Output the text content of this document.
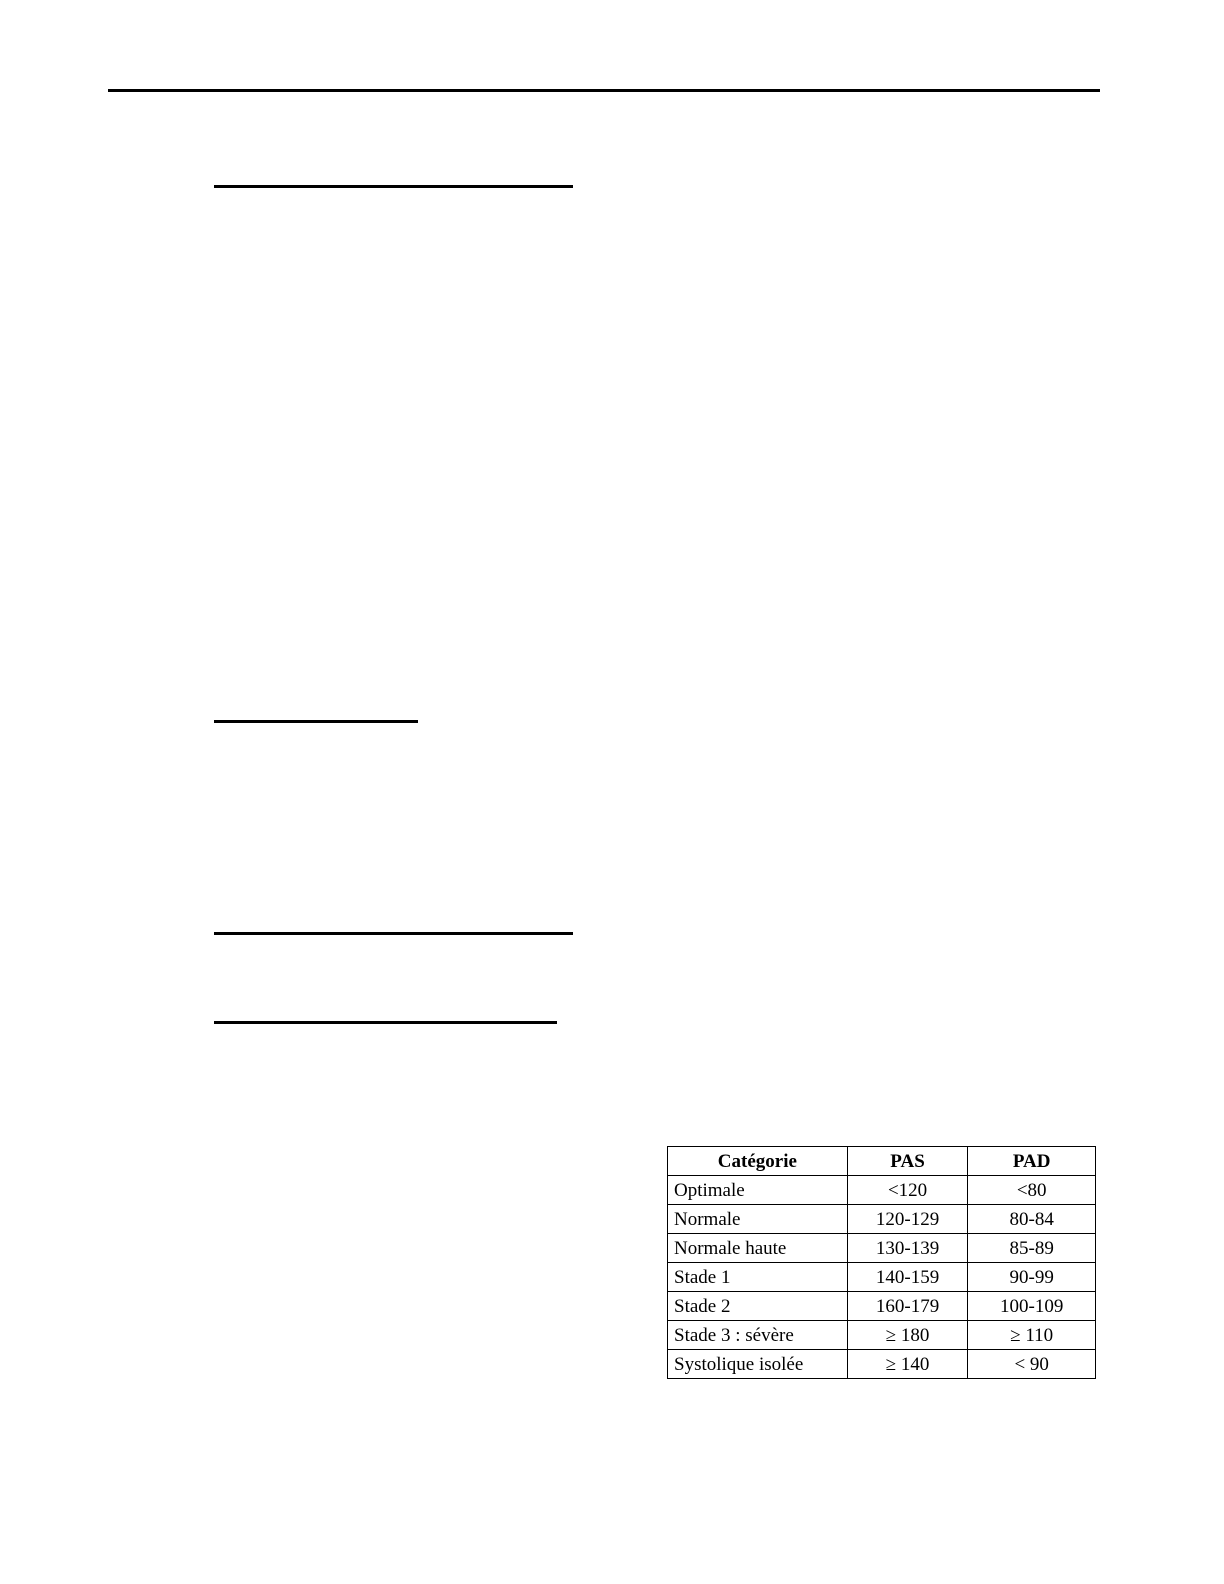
Catégorie	PAS	PAD
Optimale	<120	<80
Normale	120-129	80-84
Normale haute	130-139	85-89
Stade 1	140-159	90-99
Stade 2	160-179	100-109
Stade 3 : sévère	≥ 180	≥ 110
Systolique isolée	≥ 140	< 90
